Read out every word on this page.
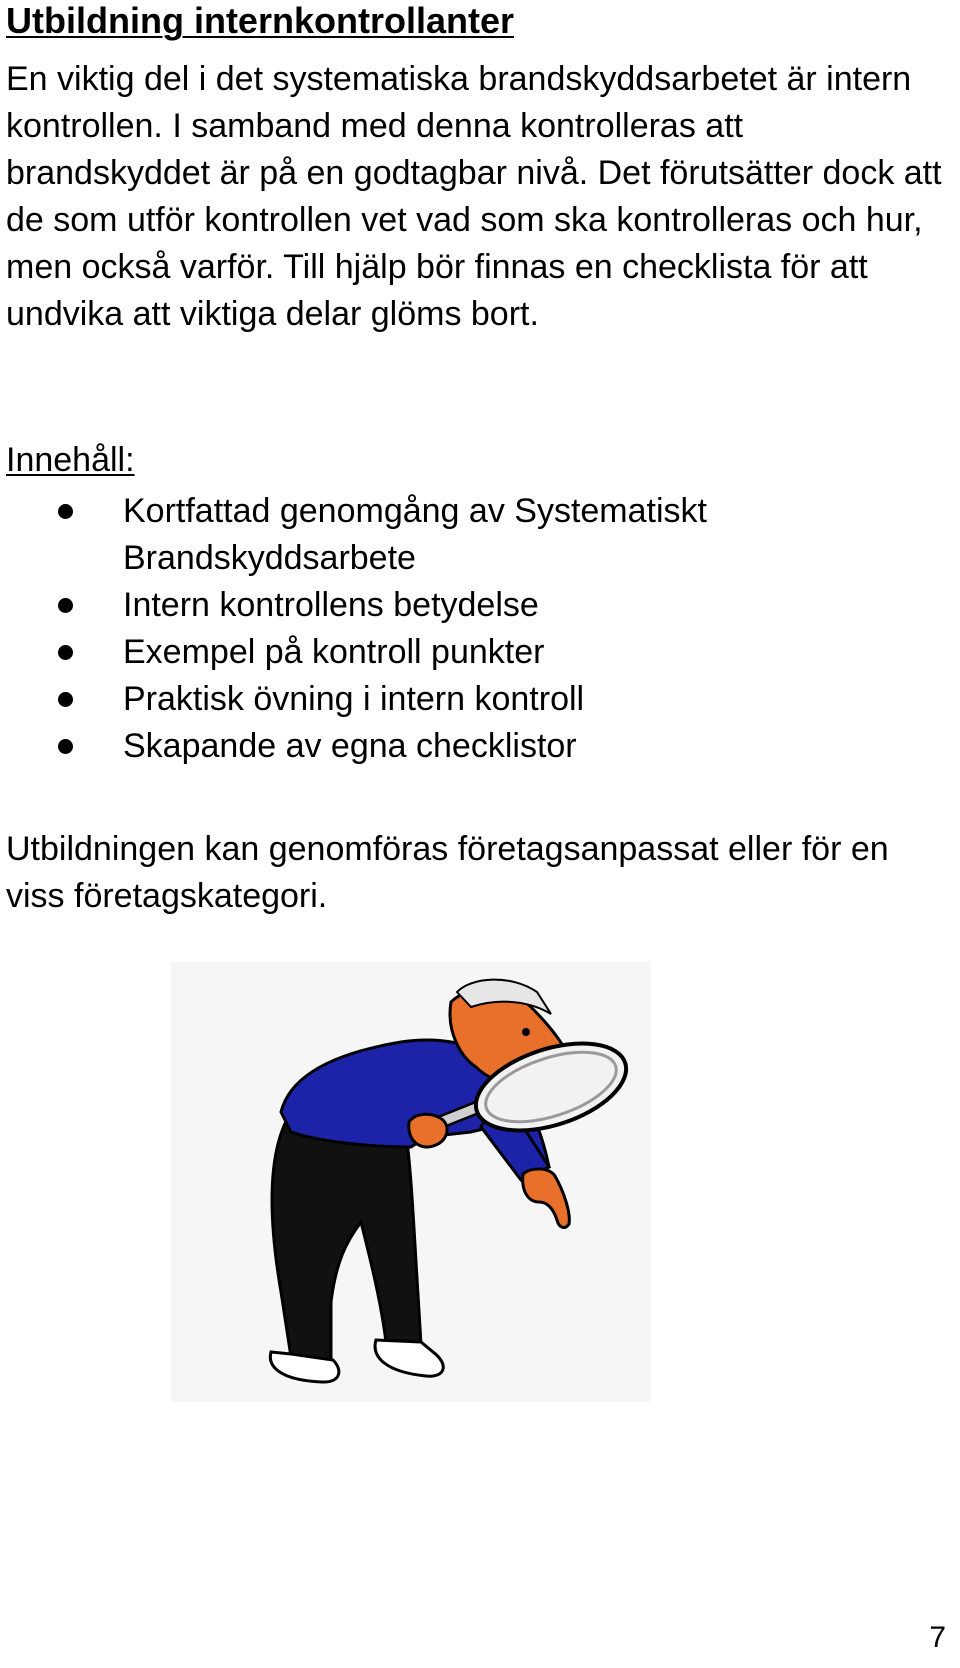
Utbildning internkontrollanter

En viktig del i det systematiska brandskyddsarbetet är intern kontrollen. I samband med denna kontrolleras att brandskyddet är på en godtagbar nivå. Det förutsätter dock att de som utför kontrollen vet vad som ska kontrolleras och hur, men också varför. Till hjälp bör finnas en checklista för att undvika att viktiga delar glöms bort.

Innehåll:

Kortfattad genomgång av Systematiskt Brandskyddsarbete
Intern kontrollens betydelse
Exempel på kontroll punkter
Praktisk övning i intern kontroll
Skapande av egna checklistor

Utbildningen kan genomföras företagsanpassat eller för en viss företagskategori.

7
